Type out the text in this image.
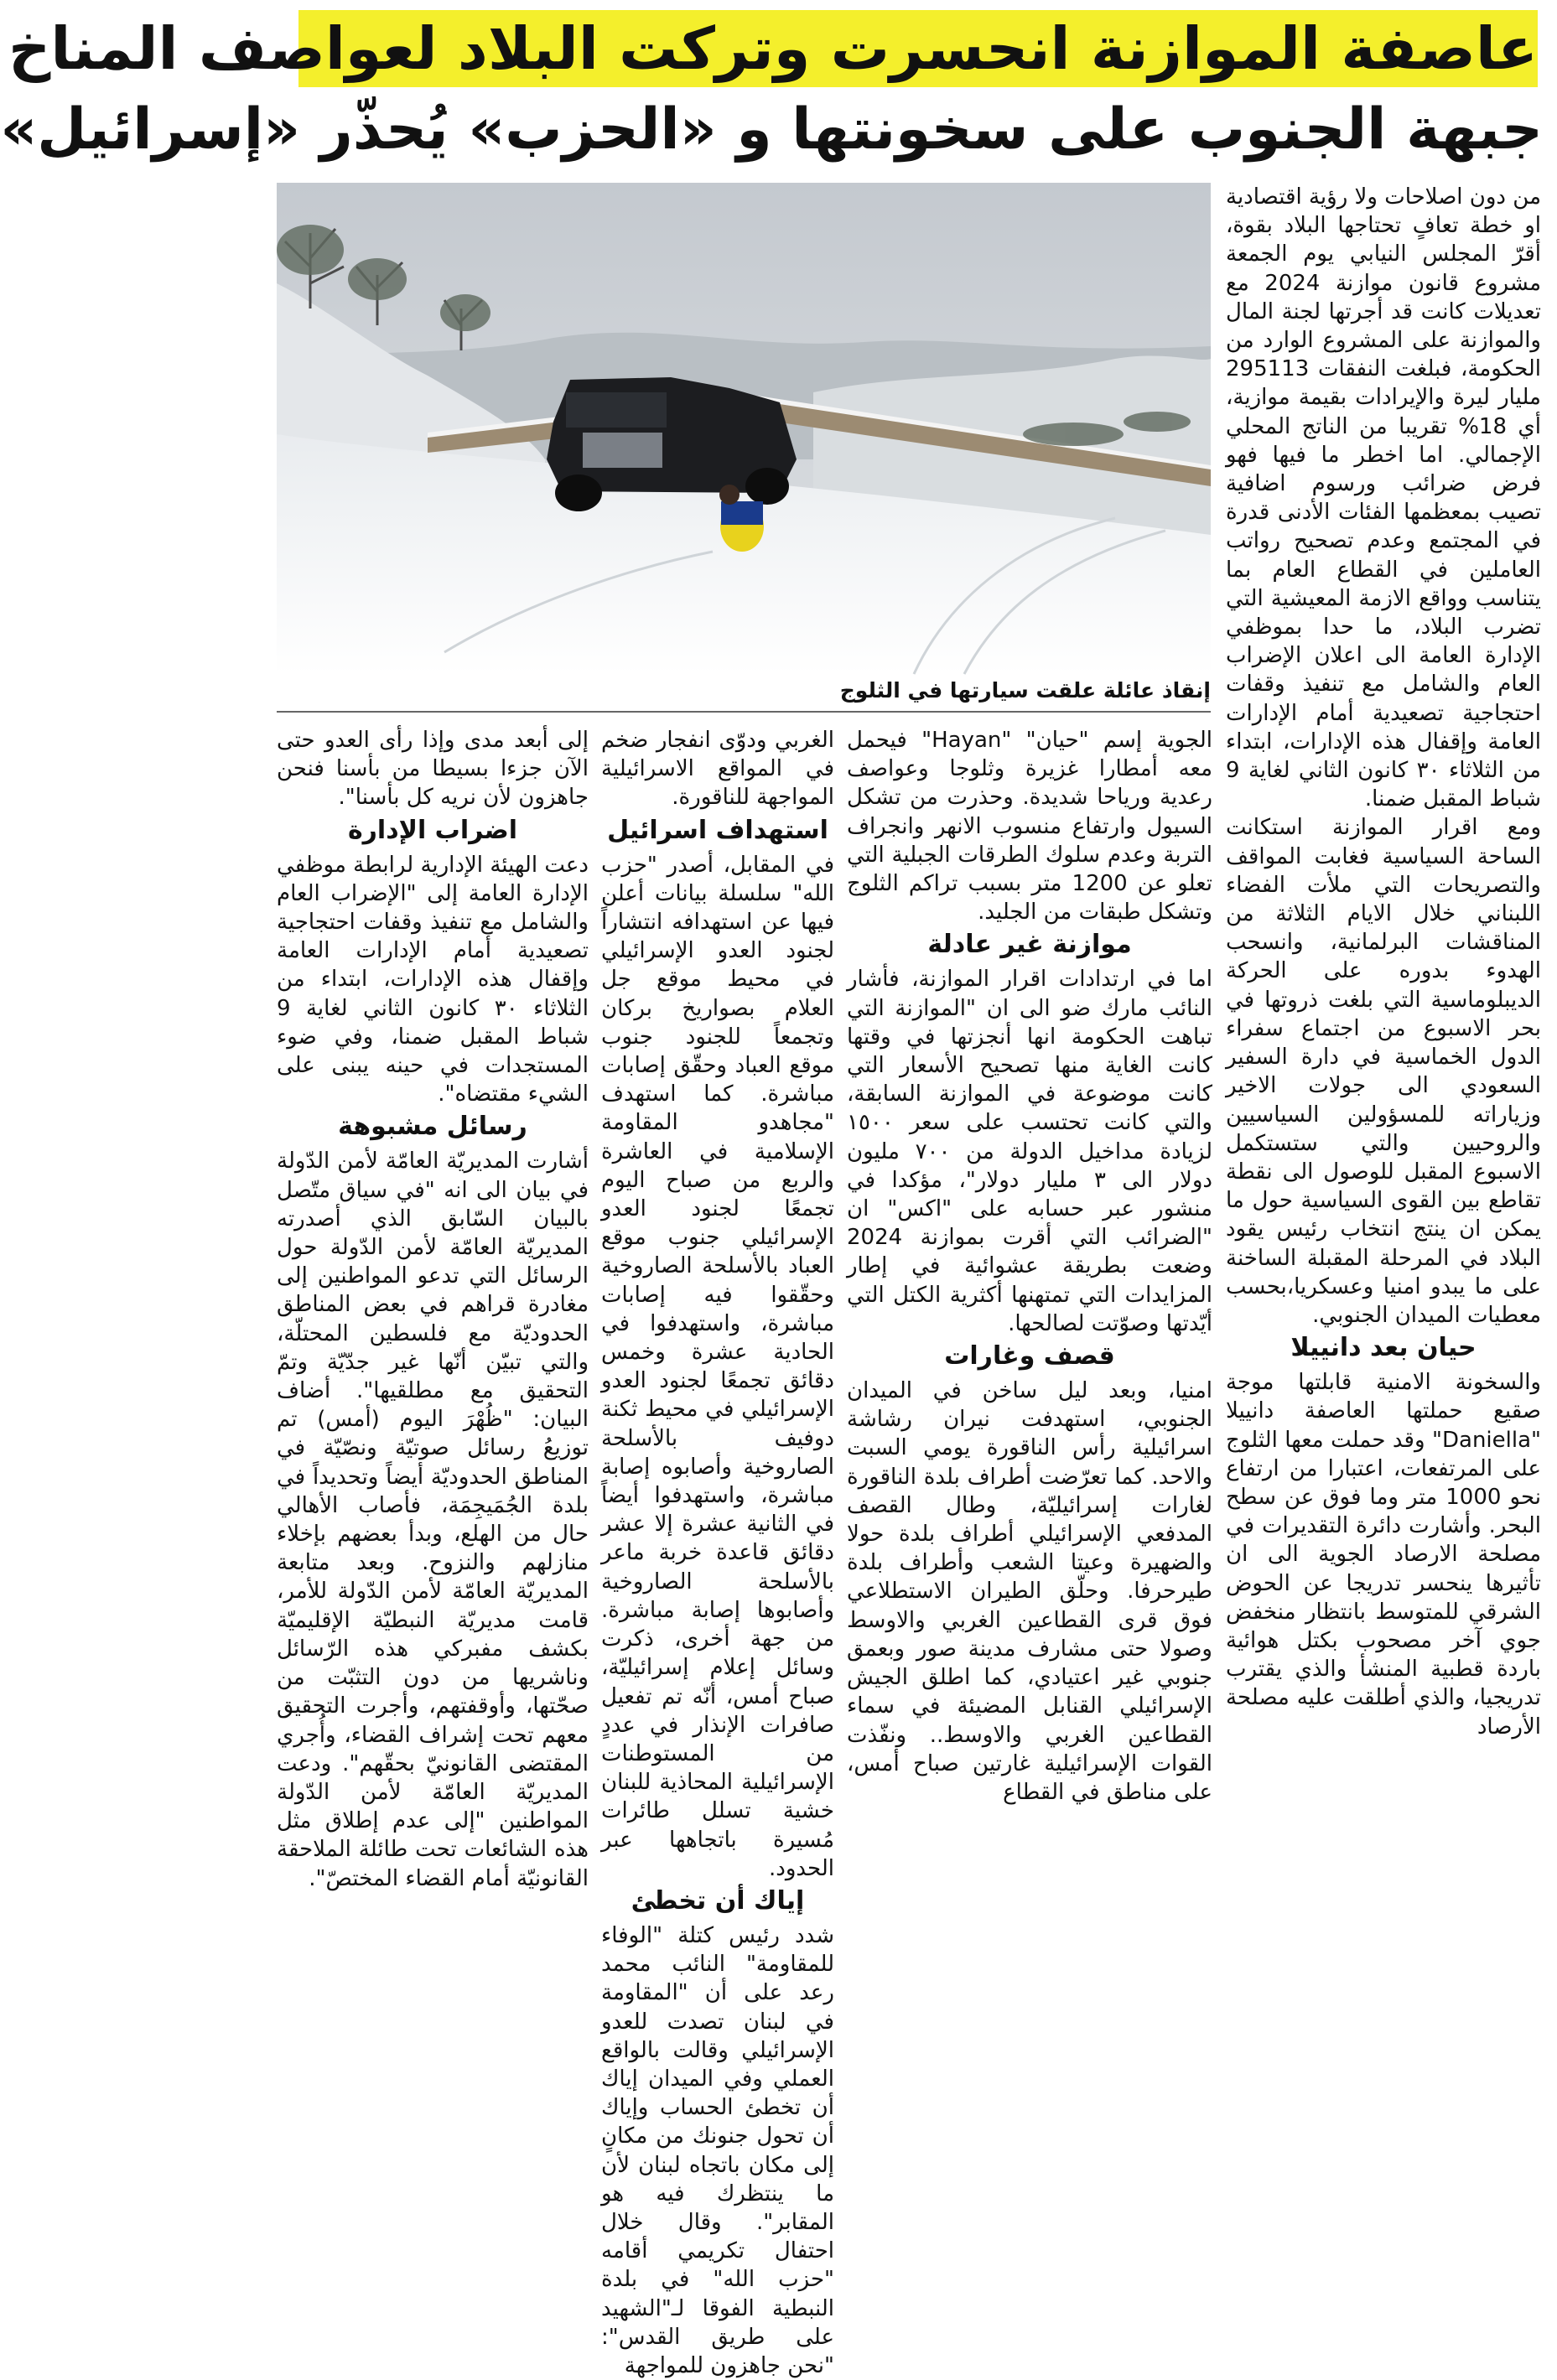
عاصفة الموازنة انحسرت وتركت البلاد لعواصف المناخ
جبهة الجنوب على سخونتها و «الحزب» يُحذّر «إسرائيل»
إنقاذ عائلة علقت سيارتها في الثلوج

من دون اصلاحات ولا رؤية اقتصادية او خطة تعافٍ تحتاجها البلاد بقوة، أقرّ المجلس النيابي يوم الجمعة مشروع قانون موازنة 2024 مع تعديلات كانت قد أجرتها لجنة المال والموازنة على المشروع الوارد من الحكومة، فبلغت النفقات 295113 مليار ليرة والإيرادات بقيمة موازية، أي 18% تقريبا من الناتج المحلي الإجمالي. اما اخطر ما فيها فهو فرض ضرائب ورسوم اضافية تصيب بمعظمها الفئات الأدنى قدرة في المجتمع وعدم تصحيح رواتب العاملين في القطاع العام بما يتناسب وواقع الازمة المعيشية التي تضرب البلاد، ما حدا بموظفي الإدارة العامة الى اعلان الإضراب العام والشامل مع تنفيذ وقفات احتجاجية تصعيدية أمام الإدارات العامة وإقفال هذه الإدارات، ابتداء من الثلاثاء ٣٠ كانون الثاني لغاية 9 شباط المقبل ضمنا.

ومع اقرار الموازنة استكانت الساحة السياسية فغابت المواقف والتصريحات التي ملأت الفضاء اللبناني خلال الايام الثلاثة من المناقشات البرلمانية، وانسحب الهدوء بدوره على الحركة الديبلوماسية التي بلغت ذروتها في بحر الاسبوع من اجتماع سفراء الدول الخماسية في دارة السفير السعودي الى جولات الاخير وزياراته للمسؤولين السياسيين والروحيين والتي ستستكمل الاسبوع المقبل للوصول الى نقطة تقاطع بين القوى السياسية حول ما يمكن ان ينتج انتخاب رئيس يقود البلاد في المرحلة المقبلة الساخنة على ما يبدو امنيا وعسكريا،بحسب معطيات الميدان الجنوبي.

حيان بعد دانييلا

والسخونة الامنية قابلتها موجة صقيع حملتها العاصفة دانييلا "Daniella" وقد حملت معها الثلوج على المرتفعات، اعتبارا من ارتفاع نحو 1000 متر وما فوق عن سطح البحر. وأشارت دائرة التقديرات في مصلحة الارصاد الجوية الى ان تأثيرها ينحسر تدريجا عن الحوض الشرقي للمتوسط بانتظار منخفض جوي آخر مصحوب بكتل هوائية باردة قطبية المنشأ والذي يقترب تدريجيا، والذي أطلقت عليه مصلحة الأرصاد

الجوية إسم "حيان" "Hayan" فيحمل معه أمطارا غزيرة وثلوجا وعواصف رعدية ورياحا شديدة. وحذرت من تشكل السيول وارتفاع منسوب الانهر وانجراف التربة وعدم سلوك الطرقات الجبلية التي تعلو عن 1200 متر بسبب تراكم الثلوج وتشكل طبقات من الجليد.

موازنة غير عادلة

اما في ارتدادات اقرار الموازنة، فأشار النائب مارك ضو الى ان "الموازنة التي تباهت الحكومة انها أنجزتها في وقتها كانت الغاية منها تصحيح الأسعار التي كانت موضوعة في الموازنة السابقة، والتي كانت تحتسب على سعر ١٥٠٠ لزيادة مداخيل الدولة من ٧٠٠ مليون دولار الى ٣ مليار دولار"، مؤكدا في منشور عبر حسابه على "اكس" ان "الضرائب التي أقرت بموازنة 2024 وضعت بطريقة عشوائية في إطار المزايدات التي تمتهنها أكثرية الكتل التي أيّدتها وصوّتت لصالحها.

قصف وغارات

امنيا، وبعد ليل ساخن في الميدان الجنوبي، استهدفت نيران رشاشة اسرائيلية رأس الناقورة يومي السبت والاحد. كما تعرّضت أطراف بلدة الناقورة لغارات إسرائيليّة، وطال القصف المدفعي الإسرائيلي أطراف بلدة حولا والضهيرة وعيتا الشعب وأطراف بلدة طيرحرفا. وحلّق الطيران الاستطلاعي فوق قرى القطاعين الغربي والاوسط وصولا حتى مشارف مدينة صور وبعمق جنوبي غير اعتيادي، كما اطلق الجيش الإسرائيلي القنابل المضيئة في سماء القطاعين الغربي والاوسط.. ونفّذت القوات الإسرائيلية غارتين صباح أمس، على مناطق في القطاع

الغربي ودوّى انفجار ضخم في المواقع الاسرائيلية المواجهة للناقورة.

استهداف اسرائيل

في المقابل، أصدر "حزب الله" سلسلة بيانات أعلن فيها عن استهدافه انتشاراً لجنود العدو الإسرائيلي في محيط موقع جل العلام بصواريخ بركان وتجمعاً للجنود جنوب موقع العباد وحقّق إصابات مباشرة. كما استهدف "مجاهدو المقاومة الإسلامية في العاشرة والربع من صباح اليوم تجمعًا لجنود العدو الإسرائيلي جنوب موقع العباد بالأسلحة الصاروخية وحقّقوا فيه إصابات مباشرة، واستهدفوا في الحادية عشرة وخمس دقائق تجمعًا لجنود العدو الإسرائيلي في محيط ثكنة دوفيف بالأسلحة الصاروخية وأصابوه إصابة مباشرة، واستهدفوا أيضاً في الثانية عشرة إلا عشر دقائق قاعدة خربة ماعر بالأسلحة الصاروخية وأصابوها إصابة مباشرة. من جهة أخرى، ذكرت وسائل إعلام إسرائيليّة، صباح أمس، أنّه تم تفعيل صافرات الإنذار في عددٍ من المستوطنات الإسرائيلية المحاذية للبنان خشية تسلل طائرات مُسيرة باتجاهها عبر الحدود.

إياك أن تخطئ

شدد رئيس كتلة "الوفاء للمقاومة" النائب محمد رعد على أن "المقاومة في لبنان تصدت للعدو الإسرائيلي وقالت بالواقع العملي وفي الميدان إياك أن تخطئ الحساب وإياك أن تحول جنونك من مكانٍ إلى مكان باتجاه لبنان لأن ما ينتظرك فيه هو المقابر". وقال خلال احتفال تكريمي أقامه "حزب الله" في بلدة النبطية الفوقا لـ"الشهيد على طريق القدس": "نحن جاهزون للمواجهة

إلى أبعد مدى وإذا رأى العدو حتى الآن جزءا بسيطا من بأسنا فنحن جاهزون لأن نريه كل بأسنا".

اضراب الإدارة

دعت الهيئة الإدارية لرابطة موظفي الإدارة العامة إلى "الإضراب العام والشامل مع تنفيذ وقفات احتجاجية تصعيدية أمام الإدارات العامة وإقفال هذه الإدارات، ابتداء من الثلاثاء ٣٠ كانون الثاني لغاية 9 شباط المقبل ضمنا، وفي ضوء المستجدات في حينه يبنى على الشيء مقتضاه".

رسائل مشبوهة

أشارت المديريّة العامّة لأمن الدّولة في بيان الى انه "في سياق متّصل بالبيان السّابق الذي أصدرته المديريّة العامّة لأمن الدّولة حول الرسائل التي تدعو المواطنين إلى مغادرة قراهم في بعض المناطق الحدوديّة مع فلسطين المحتلّة، والتي تبيّن أنّها غير جدّيّة وتمّ التحقيق مع مطلقيها". أضاف البيان: "ظُهْرَ اليوم (أمس) تم توزيعُ رسائل صوتيّة ونصّيّة في المناطق الحدوديّة أيضاً وتحديداً في بلدة الجُمَيجِمَة، فأصاب الأهالي حال من الهلع، وبدأ بعضهم بإخلاء منازلهم والنزوح. وبعد متابعة المديريّة العامّة لأمن الدّولة للأمر، قامت مديريّة النبطيّة الإقليميّة بكشف مفبركي هذه الرّسائل وناشريها من دون التثبّت من صحّتها، وأوقفتهم، وأجرت التحقيق معهم تحت إشراف القضاء، وأُجري المقتضى القانونيّ بحقّهم". ودعت المديريّة العامّة لأمن الدّولة المواطنين "إلى عدم إطلاق مثل هذه الشائعات تحت طائلة الملاحقة القانونيّة أمام القضاء المختصّ".
